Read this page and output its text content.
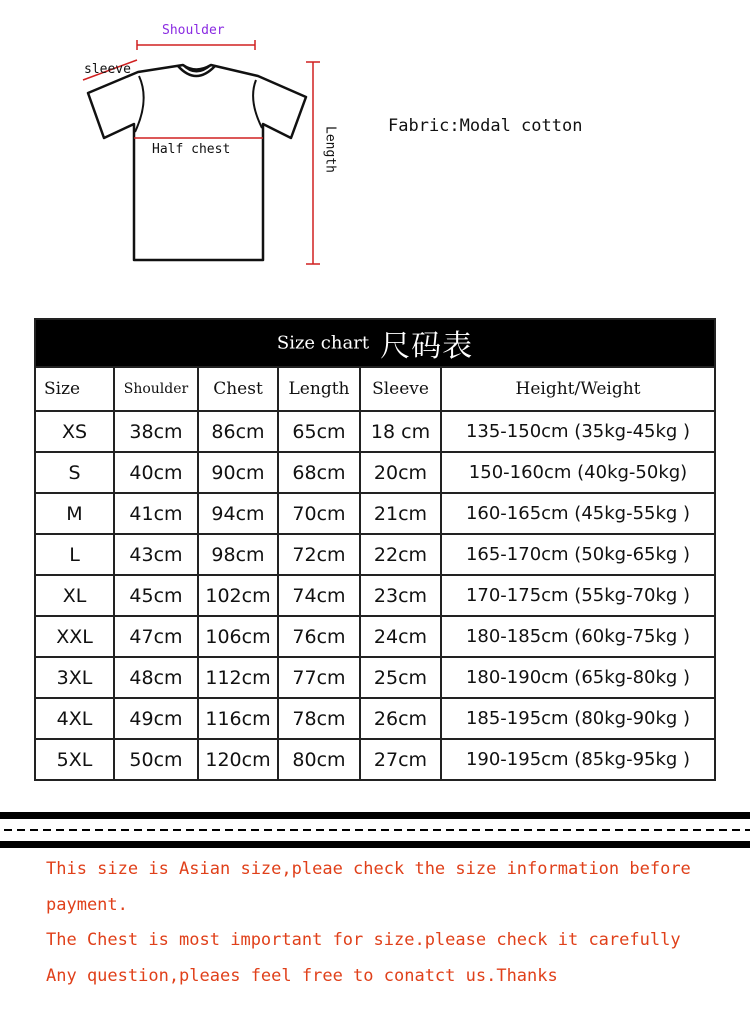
Shoulder
sleeve
Half chest	Length
Fabric:Modal cotton
Size chart 尺码表					
Size	Shoulder	Chest	Length	Sleeve	Height/Weight
XS	38cm	86cm	65cm	18 cm	135-150cm (35kg-45kg )
S	40cm	90cm	68cm	20cm	150-160cm (40kg-50kg)
M	41cm	94cm	70cm	21cm	160-165cm (45kg-55kg )
L	43cm	98cm	72cm	22cm	165-170cm (50kg-65kg )
XL	45cm	102cm	74cm	23cm	170-175cm (55kg-70kg )
XXL	47cm	106cm	76cm	24cm	180-185cm (60kg-75kg )
3XL	48cm	112cm	77cm	25cm	180-190cm (65kg-80kg )
4XL	49cm	116cm	78cm	26cm	185-195cm (80kg-90kg )
5XL	50cm	120cm	80cm	27cm	190-195cm (85kg-95kg )
This size is Asian size,pleae check the size information before
payment.
The Chest is most important for size.please check it carefully
Any question,pleaes feel free to conatct us.Thanks
